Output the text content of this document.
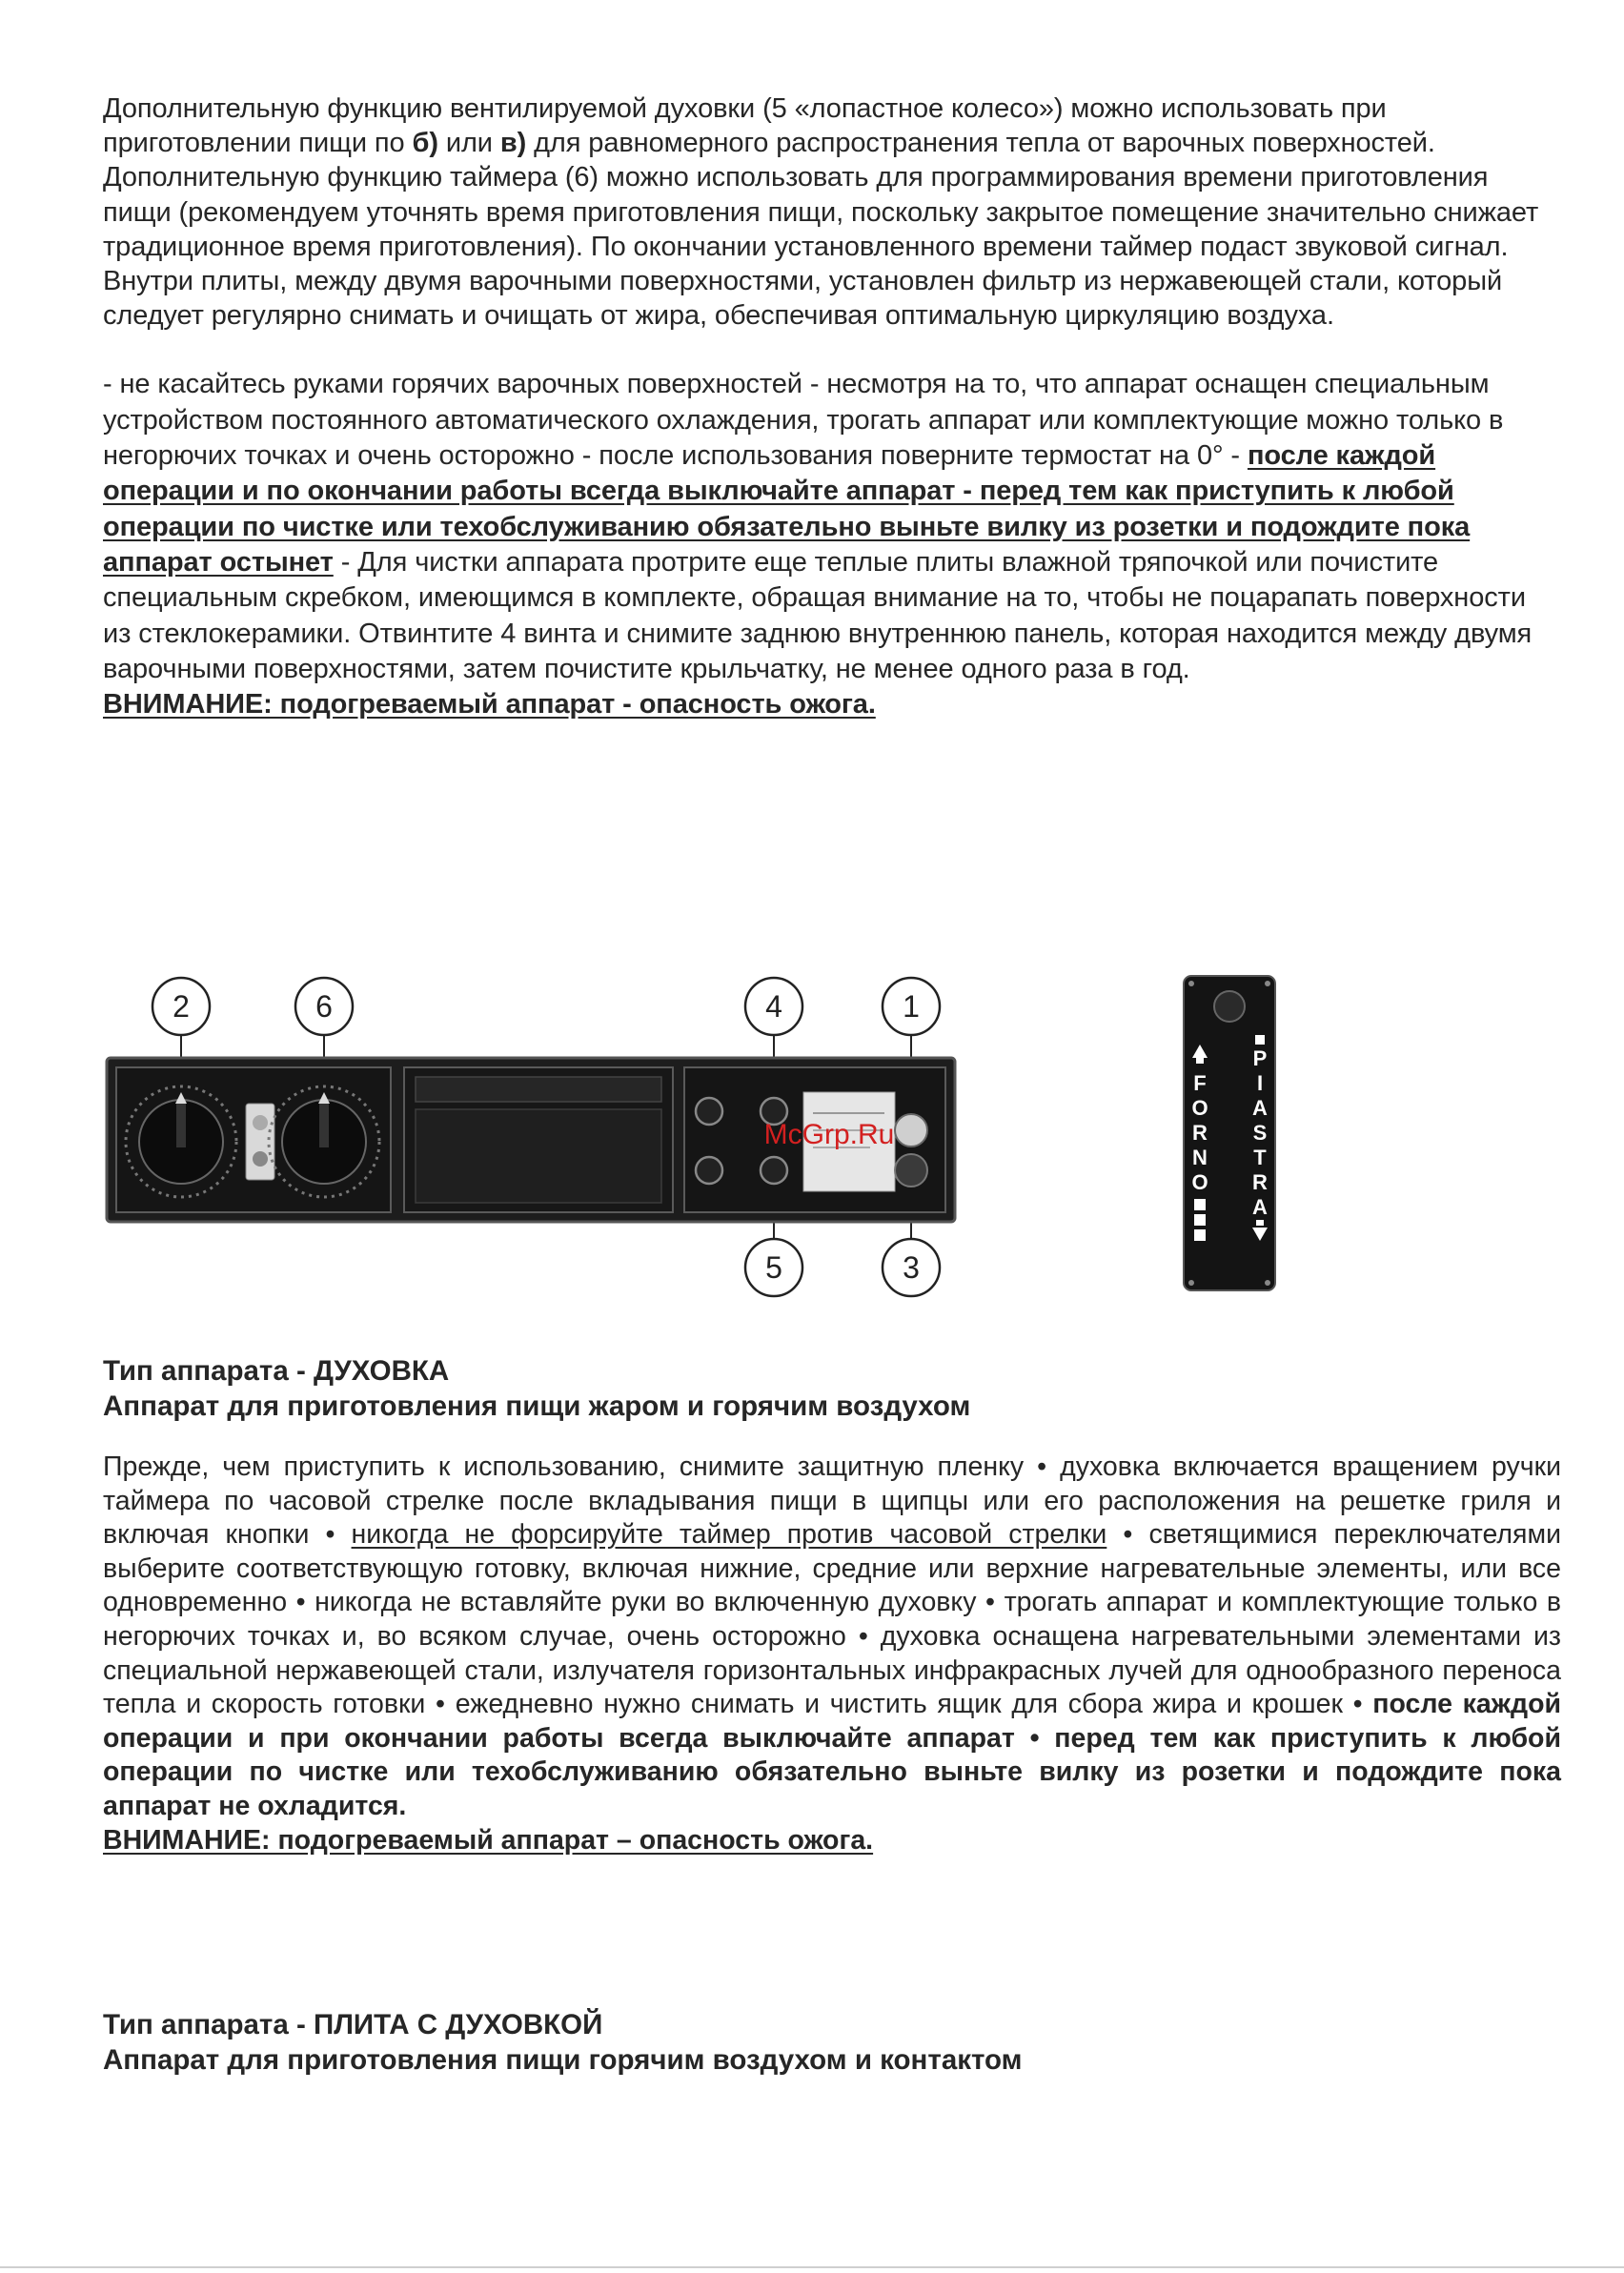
Дополнительную функцию вентилируемой духовки (5 «лопастное колесо») можно использовать при приготовлении пищи по б) или в) для равномерного распространения тепла от варочных поверхностей.

Дополнительную функцию таймера (6) можно использовать для программирования времени приготовления пищи (рекомендуем уточнять время приготовления пищи, поскольку закрытое помещение значительно снижает традиционное время приготовления). По окончании установленного времени таймер подаст звуковой сигнал.

Внутри плиты, между двумя варочными поверхностями, установлен фильтр из нержавеющей стали, который следует регулярно снимать и очищать от жира, обеспечивая оптимальную циркуляцию воздуха.

- не касайтесь руками горячих варочных поверхностей - несмотря на то, что аппарат оснащен специальным устройством постоянного автоматического охлаждения, трогать аппарат или комплектующие можно только в негорючих точках и очень осторожно - после использования поверните термостат на 0° - после каждой операции и по окончании работы всегда выключайте аппарат - перед тем как приступить к любой операции по чистке или техобслуживанию обязательно выньте вилку из розетки и подождите пока аппарат остынет - Для чистки аппарата протрите еще теплые плиты влажной тряпочкой или почистите специальным скребком, имеющимся в комплекте, обращая внимание на то, чтобы не поцарапать поверхности из стеклокерамики. Отвинтите 4 винта и снимите заднюю внутреннюю панель, которая находится между двумя варочными поверхностями, затем почистите крыльчатку, не менее одного раза в год.

ВНИМАНИЕ: подогреваемый аппарат - опасность ожога.

McGrp.Ru
2	6	4	1
5	3
F
O
R
N
O
P
I
A
S
T
R
A

Тип аппарата - ДУХОВКА

Аппарат для приготовления пищи жаром и горячим воздухом

Прежде, чем приступить к использованию, снимите защитную пленку • духовка включается вращением ручки таймера по часовой стрелке после вкладывания пищи в щипцы или его расположения на решетке гриля и включая кнопки • никогда не форсируйте таймер против часовой стрелки • светящимися переключателями выберите соответствующую готовку, включая нижние, средние или верхние нагревательные элементы, или все одновременно • никогда не вставляйте руки во включенную духовку • трогать аппарат и комплектующие только в негорючих точках и, во всяком случае, очень осторожно • духовка оснащена нагревательными элементами из специальной нержавеющей стали, излучателя горизонтальных инфракрасных лучей для однообразного переноса тепла и скорость готовки • ежедневно нужно снимать и чистить ящик для сбора жира и крошек • после каждой операции и при окончании работы всегда выключайте аппарат • перед тем как приступить к любой операции по чистке или техобслуживанию обязательно выньте вилку из розетки и подождите пока аппарат не охладится.

ВНИМАНИЕ: подогреваемый аппарат – опасность ожога.

Тип аппарата - ПЛИТА С ДУХОВКОЙ

Аппарат для приготовления пищи горячим воздухом и контактом
